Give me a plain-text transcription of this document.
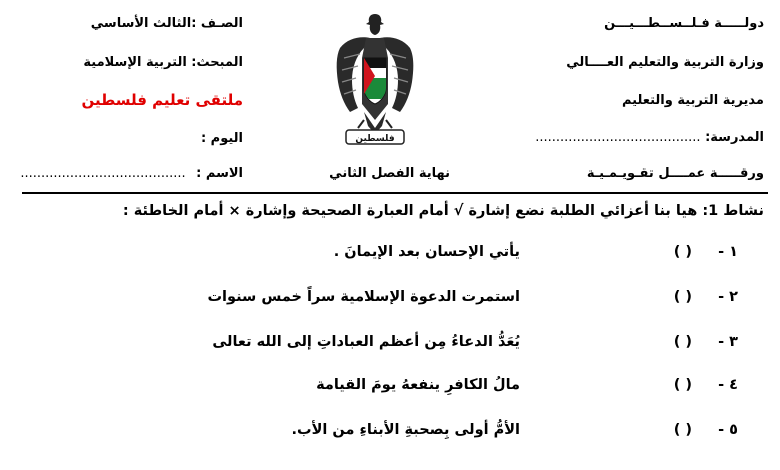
دولـــــة فـلــســطـــيـــن
وزارة التربية والتعليم العــــالي
مديرية التربية والتعليم
المدرسة: ........................................
ورقـــــة عمــــل تقـويـمـيـة
الصـف :الثالث الأساسي
المبحث: التربية الإسلامية
ملتقى تعليم فلسطين
اليوم :
الاسم : ........................................	نهاية الفصل الثاني
فلسطين
نشاط 1: هيا بنا أعزائي الطلبة نضع إشارة √ أمام العبارة الصحيحة وإشارة × أمام الخاطئة :
١ -( )يأتي الإحسان بعد الإيمانَ .
٢ -( )استمرت الدعوة الإسلامية سراً خمس سنوات
٣ -( )يُعَدُّ الدعاءُ مِن أعظم العباداتِ إلى الله تعالى
٤ -( )مالُ الكافرِ ينفعهُ يومَ القيامة
٥ -( )الأمُّ أولى بِصحبةِ الأبناءِ من الأب.
